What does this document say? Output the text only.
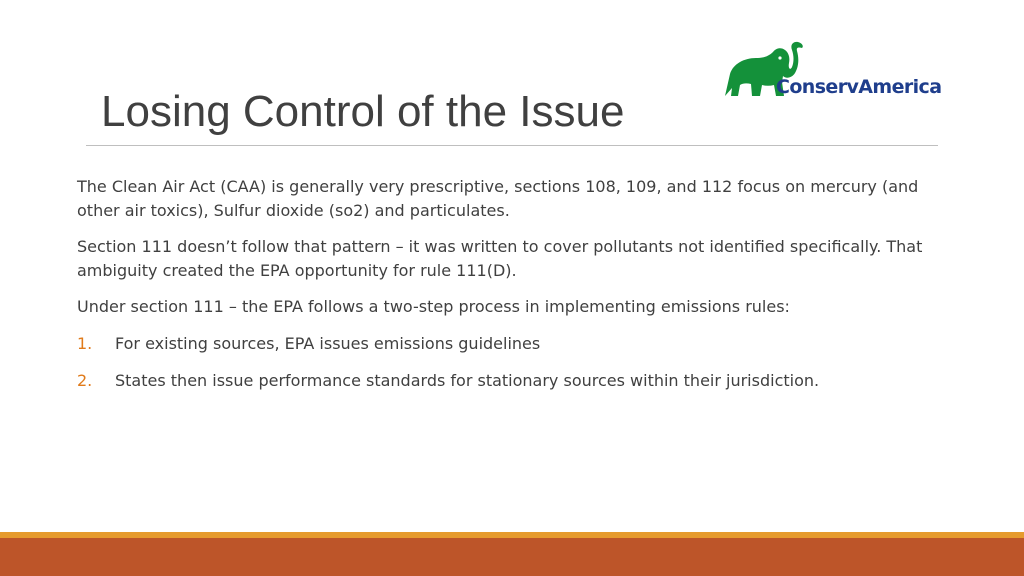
Losing Control of the Issue	ConservAmerica

The Clean Air Act (CAA) is generally very prescriptive, sections 108, 109, and 112 focus on mercury (and other air toxics), Sulfur dioxide (so2) and particulates.

Section 111 doesn’t follow that pattern – it was written to cover pollutants not identified specifically. That ambiguity created the EPA opportunity for rule 111(D).

Under section 111 – the EPA follows a two-step process in implementing emissions rules:

1. For existing sources, EPA issues emissions guidelines
2. States then issue performance standards for stationary sources within their jurisdiction.
